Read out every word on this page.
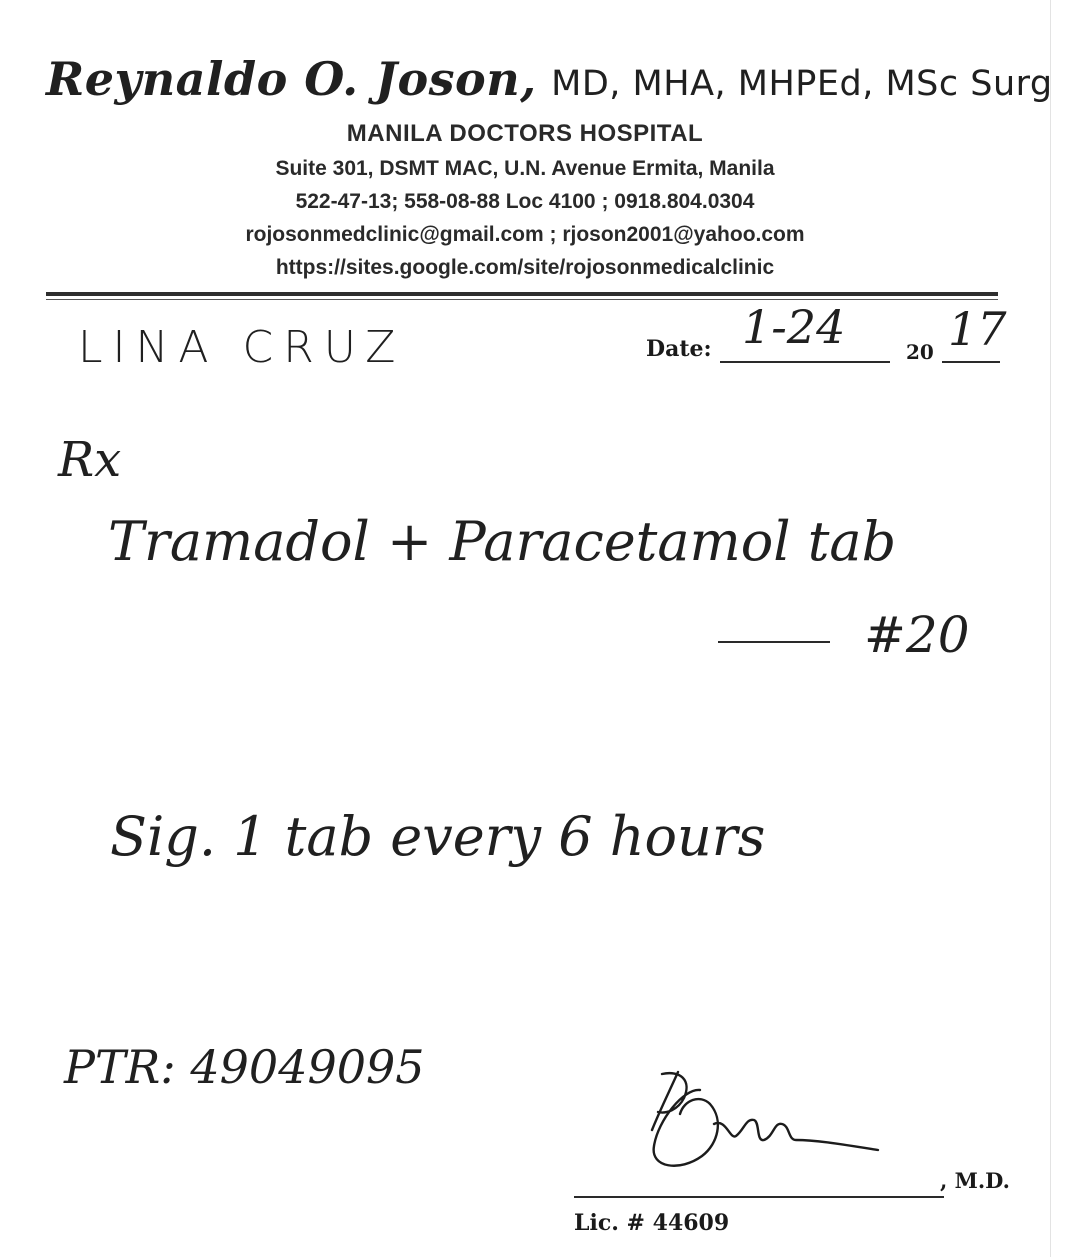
Reynaldo O. Joson, MD, MHA, MHPEd, MSc Surg
MANILA DOCTORS HOSPITAL
Suite 301, DSMT MAC, U.N. Avenue Ermita, Manila
522-47-13; 558-08-88 Loc 4100 ; 0918.804.0304
rojosonmedclinic@gmail.com ; rjoson2001@yahoo.com
https://sites.google.com/site/rojosonmedicalclinic
LINA CRUZ	Date: 1-24	20 17
Rx
Tramadol + Paracetamol tab
#20
Sig. 1 tab every 6 hours
PTR: 49049095
, M.D.
Lic. # 44609
